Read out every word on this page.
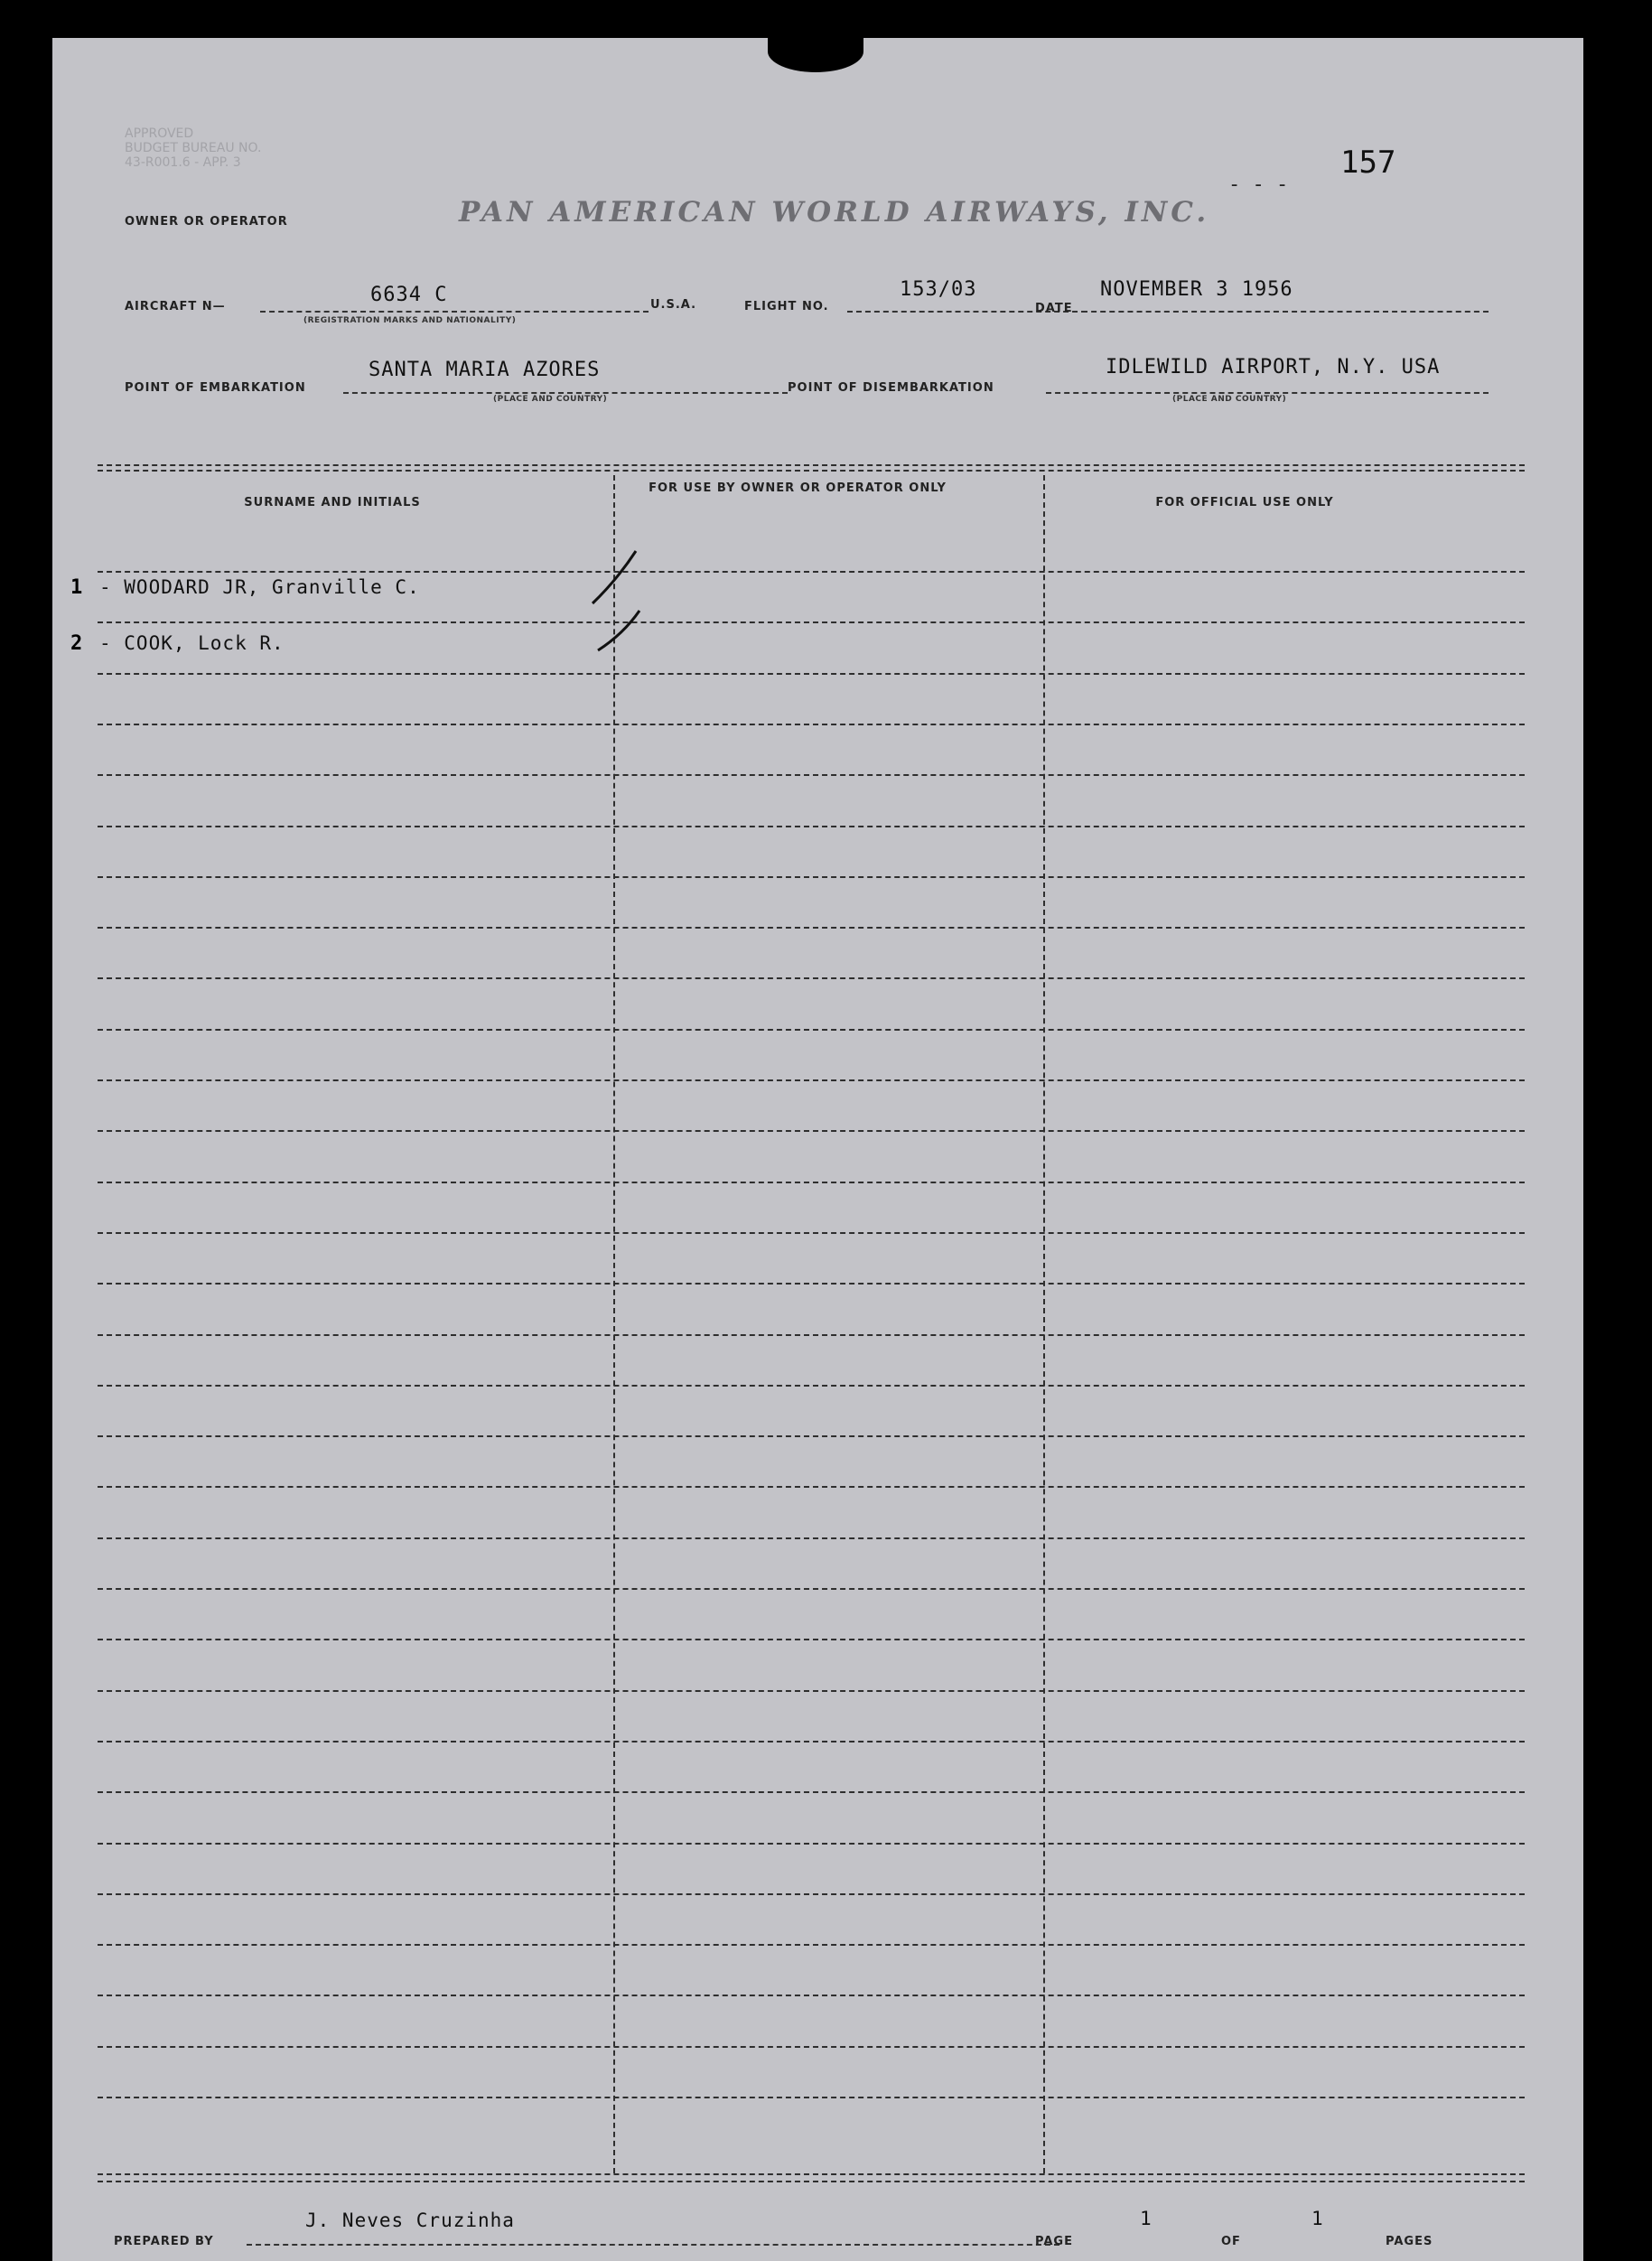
APPROVED
BUDGET BUREAU NO.
43-R001.6 - APP. 3
- - -
157
OWNER OR OPERATOR	PAN AMERICAN WORLD AIRWAYS, INC.
AIRCRAFT N—
6634 C
(REGISTRATION MARKS AND NATIONALITY)
U.S.A.	FLIGHT NO.
153/03
DATE
NOVEMBER 3 1956
POINT OF EMBARKATION
SANTA MARIA AZORES
(PLACE AND COUNTRY)
POINT OF DISEMBARKATION
IDLEWILD AIRPORT, N.Y. USA
(PLACE AND COUNTRY)
SURNAME AND INITIALS
FOR USE BY OWNER OR OPERATOR ONLY
FOR OFFICIAL USE ONLY
1 - WOODARD JR, Granville C.
2 - COOK, Lock R.
PREPARED BY
J. Neves Cruzinha
PAGE
1
OF
1
PAGES
